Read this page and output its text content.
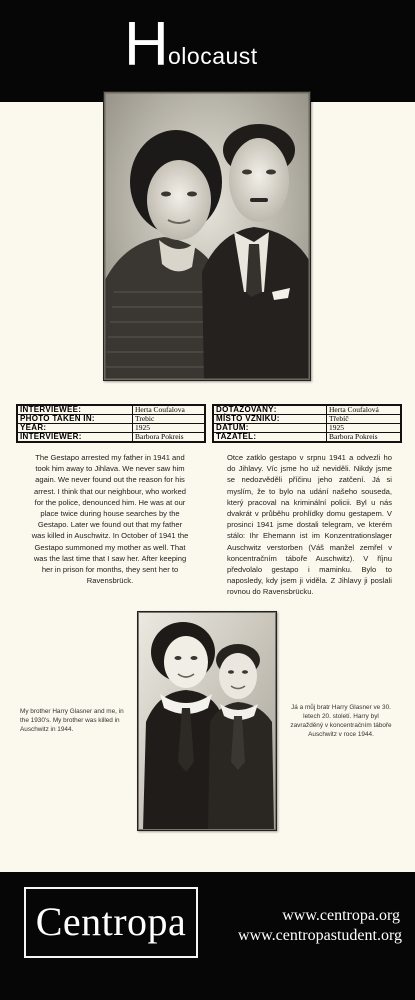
H olocaust
INTERVIEWEE:	Herta Coufalova
PHOTO TAKEN IN:	Trebic
YEAR:	1925
INTERVIEWER:	Barbora Pokreis
DOTAZOVANÝ:	Herta Coufalová
MÍSTO VZNIKU:	Třebíč
DATUM:	1925
TAZATEL:	Barbora Pokreis

The Gestapo arrested my father in 1941 and took him away to Jihlava. We never saw him again. We never found out the reason for his arrest. I think that our neighbour, who worked for the police, denounced him. He was at our place twice during house searches by the Gestapo. Later we found out that my father was killed in Auschwitz. In October of 1941 the Gestapo summoned my mother as well. That was the last time that I saw her. After keeping her in prison for months, they sent her to Ravensbrück.

Otce zatklo gestapo v srpnu 1941 a odvezli ho do Jihlavy. Víc jsme ho už neviděli. Nikdy jsme se nedozvěděli příčinu jeho zatčení. Já si myslím, že to bylo na udání našeho souseda, který pracoval na kriminální policii. Byl u nás dvakrát v průběhu prohlídky domu gestapem. V prosinci 1941 jsme dostali telegram, ve kterém stálo: Ihr Ehemann ist im Konzentrationslager Auschwitz verstorben (Váš manžel zemřel v koncentračním táboře Auschwitz). V říjnu předvolalo gestapo i maminku. Bylo to naposledy, kdy jsem ji viděla. Z Jihlavy ji poslali rovnou do Ravensbrücku.

My brother Harry Glasner and me, in the 1930's. My brother was killed in Auschwitz in 1944.

Já a můj bratr Harry Glasner ve 30. letech 20. století. Harry byl zavražděný v koncentračním táboře Auschwitz v roce 1944.

Centropa	www.centropa.org
www.centropastudent.org
